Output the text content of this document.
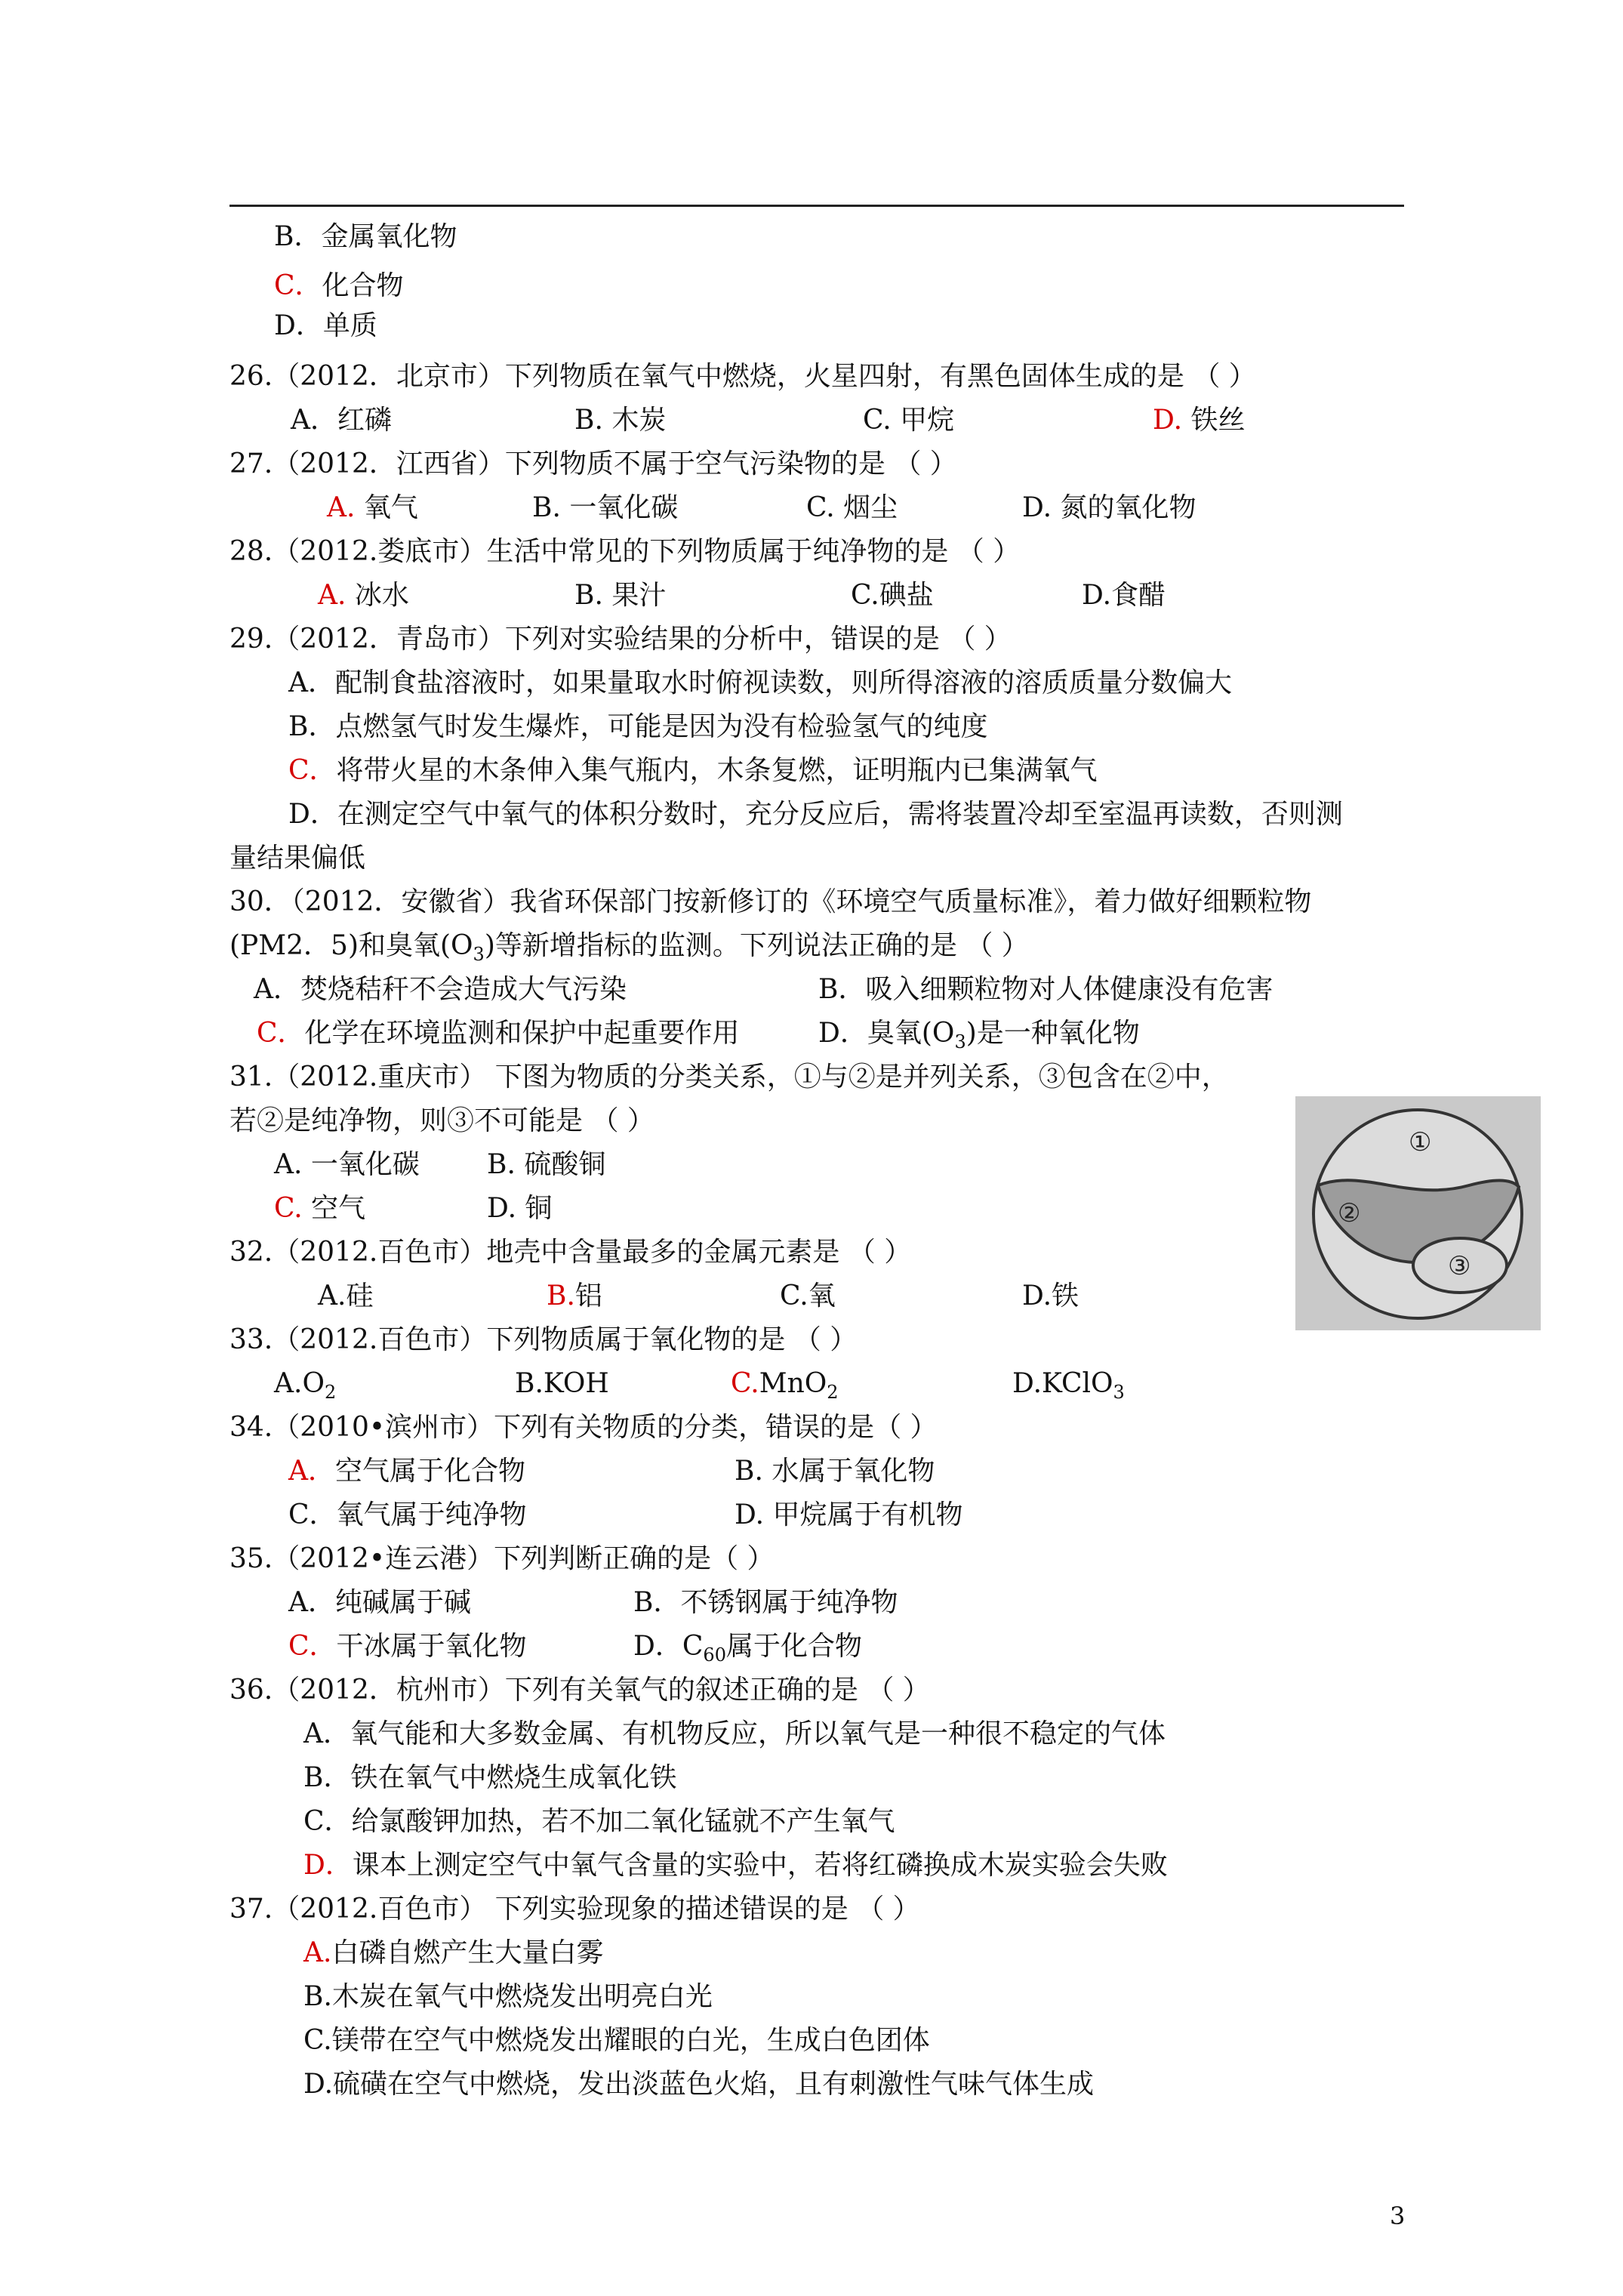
B．金属氧化物
C．化合物
D．单质
26.（2012．北京市）下列物质在氧气中燃烧，火星四射，有黑色固体生成的是 （ ）
A．红磷	B. 木炭	C. 甲烷	D. 铁丝
27.（2012．江西省）下列物质不属于空气污染物的是 （ ）
A. 氧气	B. 一氧化碳	C. 烟尘	D. 氮的氧化物
28.（2012.娄底市）生活中常见的下列物质属于纯净物的是 （ ）
A. 冰水	B. 果汁	C.碘盐	D.食醋
29.（2012．青岛市）下列对实验结果的分析中，错误的是 （ ）
A．配制食盐溶液时，如果量取水时俯视读数，则所得溶液的溶质质量分数偏大
B．点燃氢气时发生爆炸，可能是因为没有检验氢气的纯度
C．将带火星的木条伸入集气瓶内，木条复燃，证明瓶内已集满氧气
D．在测定空气中氧气的体积分数时，充分反应后，需将装置冷却至室温再读数，否则测
量结果偏低
30．（2012．安徽省）我省环保部门按新修订的《环境空气质量标准》，着力做好细颗粒物
(PM2．5)和臭氧$(O_3)$等新增指标的监测。下列说法正确的是 （ ）
A．焚烧秸秆不会造成大气污染	B．吸入细颗粒物对人体健康没有危害
C．化学在环境监测和保护中起重要作用	D．臭氧$(O_3)$是一种氧化物
31.（2012.重庆市） 下图为物质的分类关系，①与②是并列关系，③包含在②中，
若②是纯净物，则③不可能是 （ ）
A. 一氧化碳 B. 硫酸铜
C. 空气	D. 铜
①
②
③
32.（2012.百色市）地壳中含量最多的金属元素是 （ ）
A.硅	B.铝	C.氧	D.铁
33.（2012.百色市）下列物质属于氧化物的是 （ ）
$A.O_2$	B.KOH	C.MnO$_2$	D.KClO$_3$
34.（2010•滨州市）下列有关物质的分类，错误的是（ ）
A．空气属于化合物	B. 水属于氧化物
C．氧气属于纯净物	D. 甲烷属于有机物
35.（2012•连云港）下列判断正确的是（ ）
A．纯碱属于碱	B．不锈钢属于纯净物
C．干冰属于氧化物	D．$C_{60}$属于化合物
36.（2012．杭州市）下列有关氧气的叙述正确的是 （ ）
A．氧气能和大多数金属、有机物反应，所以氧气是一种很不稳定的气体
B．铁在氧气中燃烧生成氧化铁
C．给氯酸钾加热，若不加二氧化锰就不产生氧气
D．课本上测定空气中氧气含量的实验中，若将红磷换成木炭实验会失败
37.（2012.百色市） 下列实验现象的描述错误的是 （ ）
A.白磷自燃产生大量白雾
B.木炭在氧气中燃烧发出明亮白光
C.镁带在空气中燃烧发出耀眼的白光，生成白色团体
D.硫磺在空气中燃烧，发出淡蓝色火焰，且有刺激性气味气体生成
3
